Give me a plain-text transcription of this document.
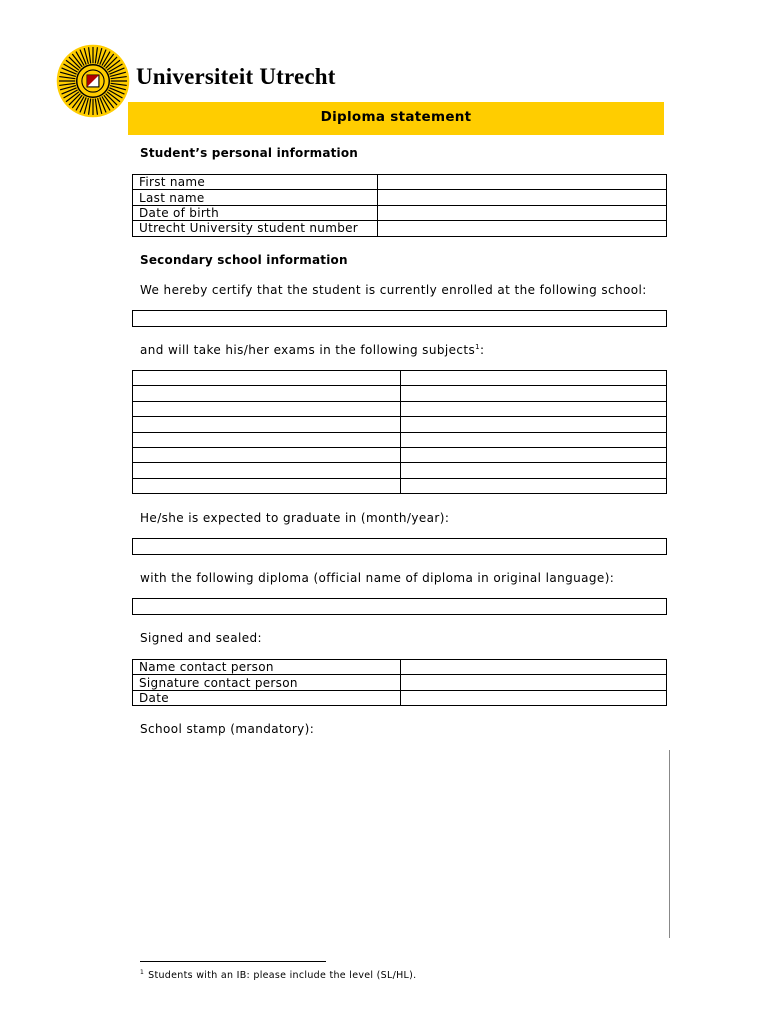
Universiteit Utrecht
Diploma statement
Student’s personal information
First name	
Last name	
Date of birth	
Utrecht University student number	
Secondary school information
We hereby certify that the student is currently enrolled at the following school:
and will take his/her exams in the following subjects$^1$:

He/she is expected to graduate in (month/year):
with the following diploma (official name of diploma in original language):
Signed and sealed:
Name contact person	
Signature contact person	
Date	
School stamp (mandatory):
$^1$ Students with an IB: please include the level (SL/HL).
